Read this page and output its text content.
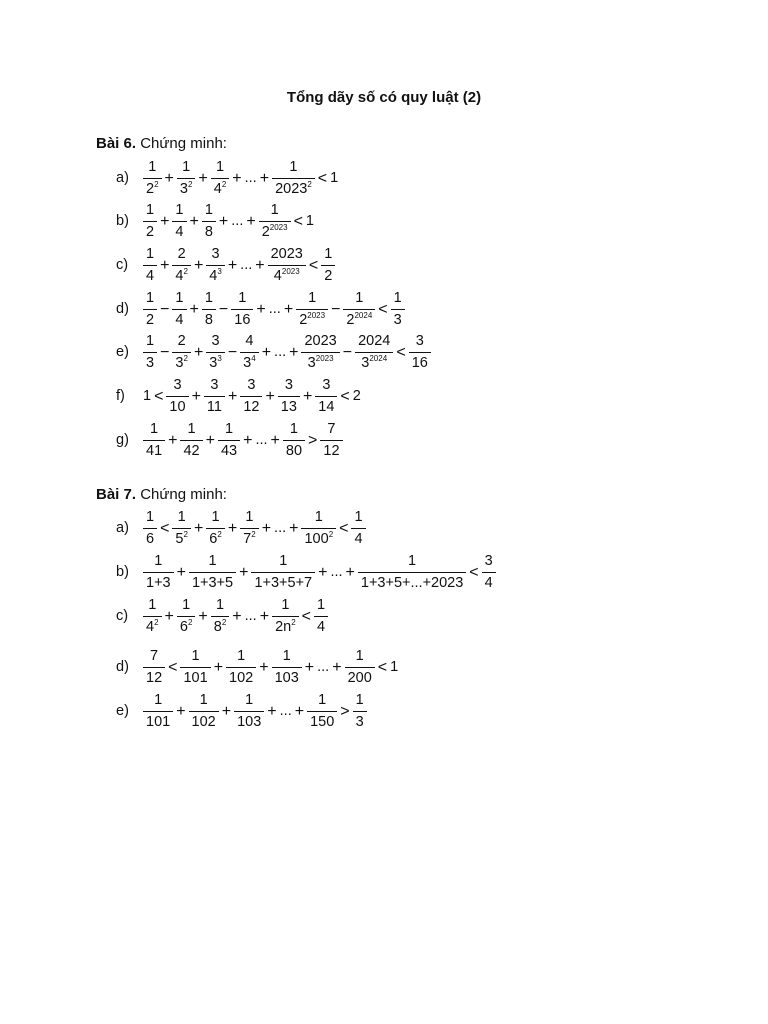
Tổng dãy số có quy luật (2)
Bài 6. Chứng minh:
$a) \frac{1}{2^2} + \frac{1}{3^2} + \frac{1}{4^2}$ + ... + $\frac{1}{2023^2} < 1$
$b) \frac{1}{2} + \frac{1}{4} + \frac{1}{8}$ + ... + $\frac{1}{2^{2023}} < 1$
c)	$\frac{1}{4} + \frac{2}{4^2} + \frac{3}{4^3}$ + ... + $\frac{2023}{4^{2023}} < \frac{1}{2}$
$d) \frac{1}{2} - \frac{1}{4} + \frac{1}{8} - \frac{1}{16}$ + ... + $\frac{1}{2^{2023}} - \frac{1}{2^{2024}} < \frac{1}{3}$
$e) \frac{1}{3} - \frac{2}{3^2} + \frac{3}{3^3} - \frac{4}{3^4}$ + ... + $\frac{2023}{3^{2023}} - \frac{2024}{3^{2024}} < \frac{3}{16}$
f)	$1 < \frac{3}{10} + \frac{3}{11} + \frac{3}{12} + \frac{3}{13} + \frac{3}{14} < 2$
$g) \frac{1}{41} + \frac{1}{42} + \frac{1}{43}$ + ... + $\frac{1}{80} > \frac{7}{12}$
Bài 7. Chứng minh:
$a) \frac{1}{6} < \frac{1}{5^2} + \frac{1}{6^2} + \frac{1}{7^2}$ + ... + $\frac{1}{100^2} < \frac{1}{4}$
$b) \frac{1}{1+3} + \frac{1}{1+3+5} + \frac{1}{1+3+5+7}$ + ... + $\frac{1}{1+3+5+...+2023} < \frac{3}{4}$
c)	$\frac{1}{4^2} + \frac{1}{6^2} + \frac{1}{8^2}$ + ... + $\frac{1}{2n^2} < \frac{1}{4}$
$d) \frac{7}{12} < \frac{1}{101} + \frac{1}{102} + \frac{1}{103}$ + ... + $\frac{1}{200} < 1$
$e) \frac{1}{101} + \frac{1}{102} + \frac{1}{103}$ + ... + $\frac{1}{150} > \frac{1}{3}$
